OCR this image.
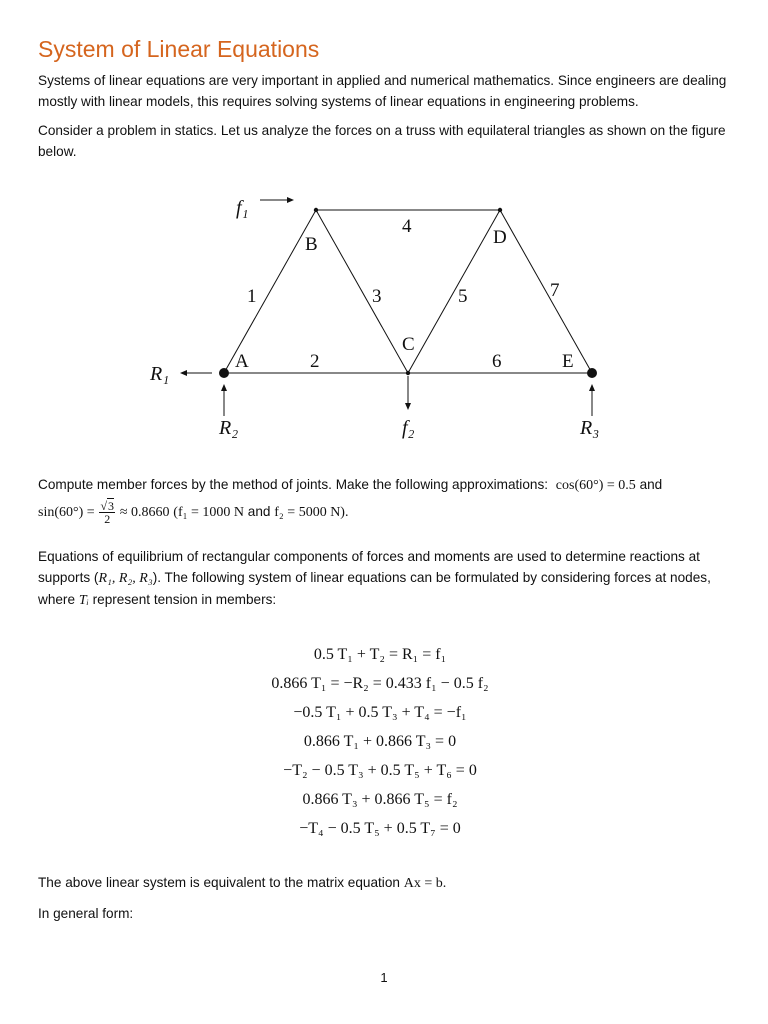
System of Linear Equations

Systems of linear equations are very important in applied and numerical mathematics. Since engineers are dealing mostly with linear models, this requires solving systems of linear equations in engineering problems.

Consider a problem in statics. Let us analyze the forces on a truss with equilateral triangles as shown on the figure below.

B
A
C
D
E
1
2
3
4
5
6
7
f₁
R₁
R₂	f₂	R₃

Compute member forces by the method of joints. Make the following approximations: cos(60°) = 0.5 and

$\sin(60^\circ) = \frac{√3}{2} \approx 0.8660$ (f₁ = 1000 N and f₂ = 5000 N).

Equations of equilibrium of rectangular components of forces and moments are used to determine reactions at supports (R₁, R₂, R₃). The following system of linear equations can be formulated by considering forces at nodes, where Tᵢ represent tension in members:

0.5 T₁ + T₂ = R₁ = f₁
0.866 T₁ = −R₂ = 0.433 f₁ − 0.5 f₂
−0.5 T₁ + 0.5 T₃ + T₄ = −f₁
0.866 T₁ + 0.866 T₃ = 0
−T₂ − 0.5 T₃ + 0.5 T₅ + T₆ = 0
0.866 T₃ + 0.866 T₅ = f₂
−T₄ − 0.5 T₅ + 0.5 T₇ = 0

The above linear system is equivalent to the matrix equation Ax = b.

In general form:

1
